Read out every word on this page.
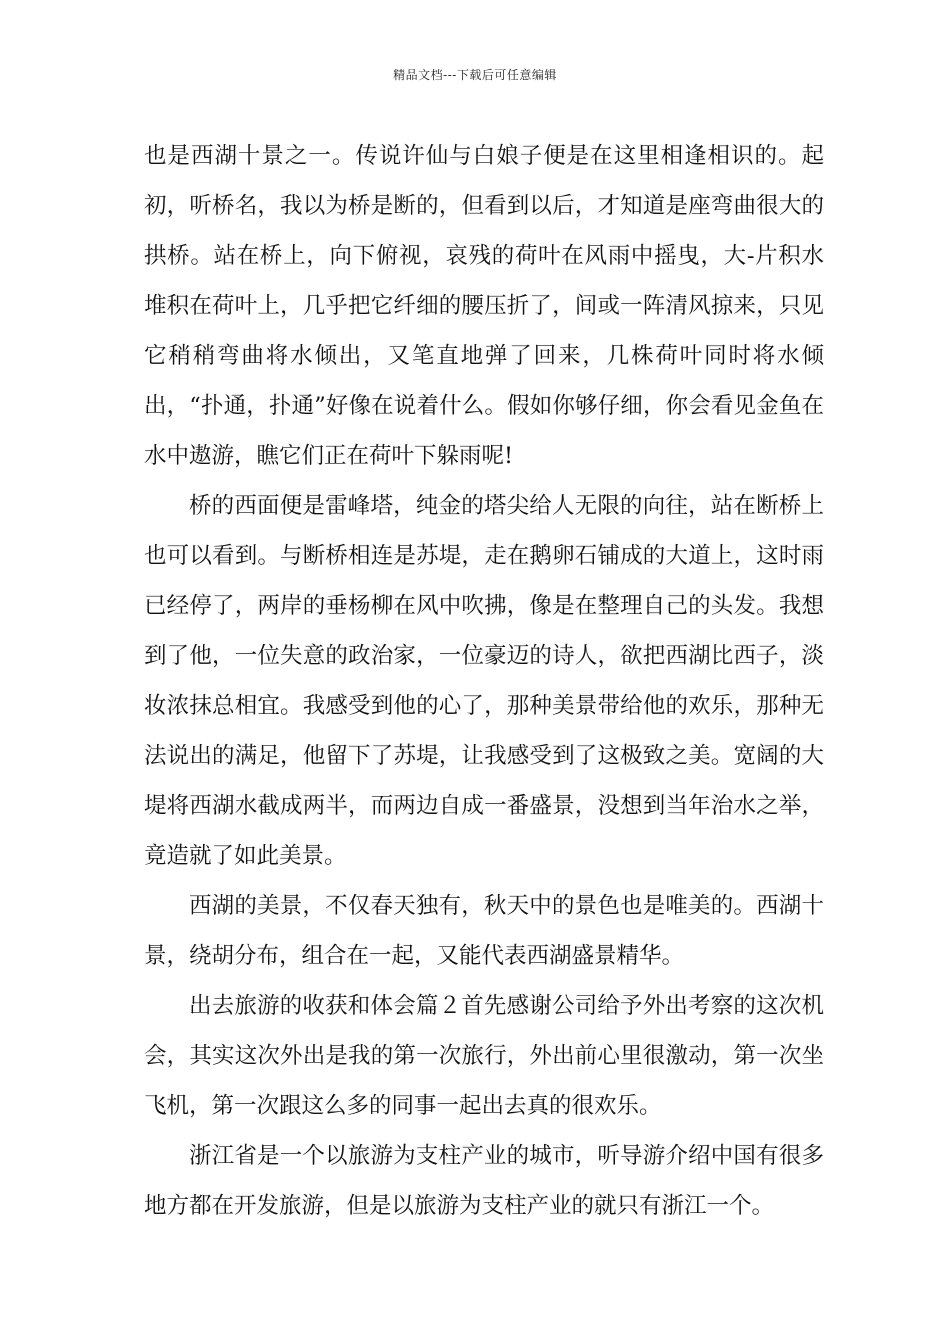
精品文档---下载后可任意编辑

也是西湖十景之一。传说许仙与白娘子便是在这里相逢相识的。起初，听桥名，我以为桥是断的，但看到以后，才知道是座弯曲很大的拱桥。站在桥上，向下俯视，哀残的荷叶在风雨中摇曳，大-片积水堆积在荷叶上，几乎把它纤细的腰压折了，间或一阵清风掠来，只见它稍稍弯曲将水倾出，又笔直地弹了回来，几株荷叶同时将水倾出，“扑通，扑通”好像在说着什么。假如你够仔细，你会看见金鱼在水中遨游，瞧它们正在荷叶下躲雨呢!

桥的西面便是雷峰塔，纯金的塔尖给人无限的向往，站在断桥上也可以看到。与断桥相连是苏堤，走在鹅卵石铺成的大道上，这时雨已经停了，两岸的垂杨柳在风中吹拂，像是在整理自己的头发。我想到了他，一位失意的政治家，一位豪迈的诗人，欲把西湖比西子，淡妆浓抹总相宜。我感受到他的心了，那种美景带给他的欢乐，那种无法说出的满足，他留下了苏堤，让我感受到了这极致之美。宽阔的大堤将西湖水截成两半，而两边自成一番盛景，没想到当年治水之举，竟造就了如此美景。

西湖的美景，不仅春天独有，秋天中的景色也是唯美的。西湖十景，绕胡分布，组合在一起，又能代表西湖盛景精华。

出去旅游的收获和体会篇２首先感谢公司给予外出考察的这次机会，其实这次外出是我的第一次旅行，外出前心里很激动，第一次坐飞机，第一次跟这么多的同事一起出去真的很欢乐。

浙江省是一个以旅游为支柱产业的城市，听导游介绍中国有很多地方都在开发旅游，但是以旅游为支柱产业的就只有浙江一个。
